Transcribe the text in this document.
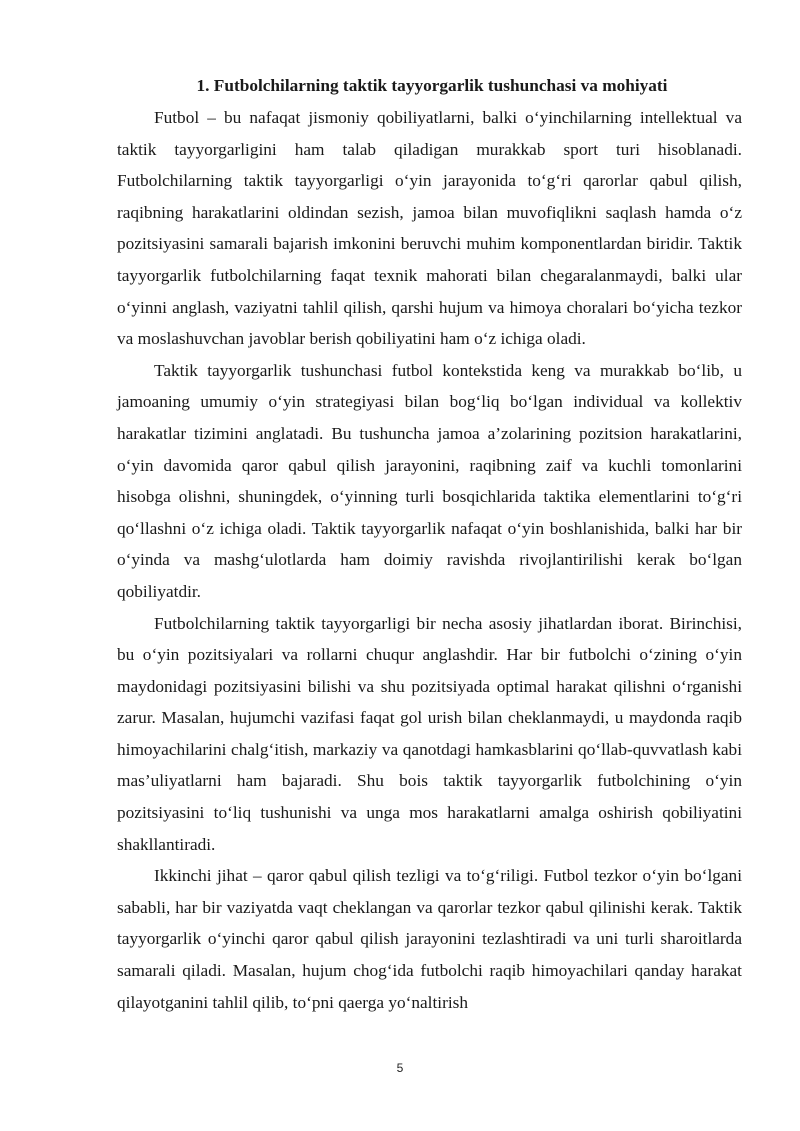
1. Futbolchilarning taktik tayyorgarlik tushunchasi va mohiyati

Futbol – bu nafaqat jismoniy qobiliyatlarni, balki o‘yinchilarning intellektual va taktik tayyorgarligini ham talab qiladigan murakkab sport turi hisoblanadi. Futbolchilarning taktik tayyorgarligi o‘yin jarayonida to‘g‘ri qarorlar qabul qilish, raqibning harakatlarini oldindan sezish, jamoa bilan muvofiqlikni saqlash hamda o‘z pozitsiyasini samarali bajarish imkonini beruvchi muhim komponentlardan biridir. Taktik tayyorgarlik futbolchilarning faqat texnik mahorati bilan chegaralanmaydi, balki ular o‘yinni anglash, vaziyatni tahlil qilish, qarshi hujum va himoya choralari bo‘yicha tezkor va moslashuvchan javoblar berish qobiliyatini ham o‘z ichiga oladi.

Taktik tayyorgarlik tushunchasi futbol kontekstida keng va murakkab bo‘lib, u jamoaning umumiy o‘yin strategiyasi bilan bog‘liq bo‘lgan individual va kollektiv harakatlar tizimini anglatadi. Bu tushuncha jamoa a’zolarining pozitsion harakatlarini, o‘yin davomida qaror qabul qilish jarayonini, raqibning zaif va kuchli tomonlarini hisobga olishni, shuningdek, o‘yinning turli bosqichlarida taktika elementlarini to‘g‘ri qo‘llashni o‘z ichiga oladi. Taktik tayyorgarlik nafaqat o‘yin boshlanishida, balki har bir o‘yinda va mashg‘ulotlarda ham doimiy ravishda rivojlantirilishi kerak bo‘lgan qobiliyatdir.

Futbolchilarning taktik tayyorgarligi bir necha asosiy jihatlardan iborat. Birinchisi, bu o‘yin pozitsiyalari va rollarni chuqur anglashdir. Har bir futbolchi o‘zining o‘yin maydonidagi pozitsiyasini bilishi va shu pozitsiyada optimal harakat qilishni o‘rganishi zarur. Masalan, hujumchi vazifasi faqat gol urish bilan cheklanmaydi, u maydonda raqib himoyachilarini chalg‘itish, markaziy va qanotdagi hamkasblarini qo‘llab-quvvatlash kabi mas’uliyatlarni ham bajaradi. Shu bois taktik tayyorgarlik futbolchining o‘yin pozitsiyasini to‘liq tushunishi va unga mos harakatlarni amalga oshirish qobiliyatini shakllantiradi.

Ikkinchi jihat – qaror qabul qilish tezligi va to‘g‘riligi. Futbol tezkor o‘yin bo‘lgani sababli, har bir vaziyatda vaqt cheklangan va qarorlar tezkor qabul qilinishi kerak. Taktik tayyorgarlik o‘yinchi qaror qabul qilish jarayonini tezlashtiradi va uni turli sharoitlarda samarali qiladi. Masalan, hujum chog‘ida futbolchi raqib himoyachilari qanday harakat qilayotganini tahlil qilib, to‘pni qaerga yo‘naltirish

5
